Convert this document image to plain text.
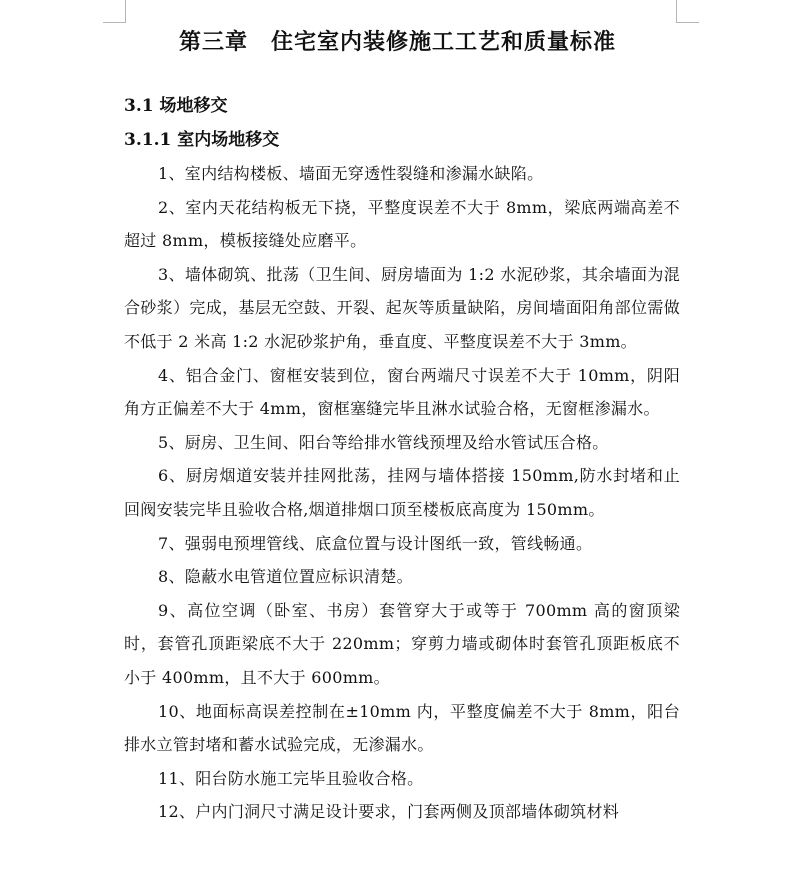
第三章　住宅室内装修施工工艺和质量标准
3.1 场地移交
3.1.1 室内场地移交

1、室内结构楼板、墙面无穿透性裂缝和渗漏水缺陷。

2、室内天花结构板无下挠，平整度误差不大于 8mm，梁底两端高差不超过 8mm，模板接缝处应磨平。

3、墙体砌筑、批荡（卫生间、厨房墙面为 1:2 水泥砂浆，其余墙面为混合砂浆）完成，基层无空鼓、开裂、起灰等质量缺陷，房间墙面阳角部位需做不低于 2 米高 1:2 水泥砂浆护角，垂直度、平整度误差不大于 3mm。

4、铝合金门、窗框安装到位，窗台两端尺寸误差不大于 10mm，阴阳角方正偏差不大于 4mm，窗框塞缝完毕且淋水试验合格，无窗框渗漏水。

5、厨房、卫生间、阳台等给排水管线预埋及给水管试压合格。

6、厨房烟道安装并挂网批荡，挂网与墙体搭接 150mm,防水封堵和止回阀安装完毕且验收合格,烟道排烟口顶至楼板底高度为 150mm。

7、强弱电预埋管线、底盒位置与设计图纸一致，管线畅通。

8、隐蔽水电管道位置应标识清楚。

9、高位空调（卧室、书房）套管穿大于或等于 700mm 高的窗顶梁时，套管孔顶距梁底不大于 220mm；穿剪力墙或砌体时套管孔顶距板底不小于 400mm，且不大于 600mm。

10、地面标高误差控制在±10mm 内，平整度偏差不大于 8mm，阳台排水立管封堵和蓄水试验完成，无渗漏水。

11、阳台防水施工完毕且验收合格。

12、户内门洞尺寸满足设计要求，门套两侧及顶部墙体砌筑材料
